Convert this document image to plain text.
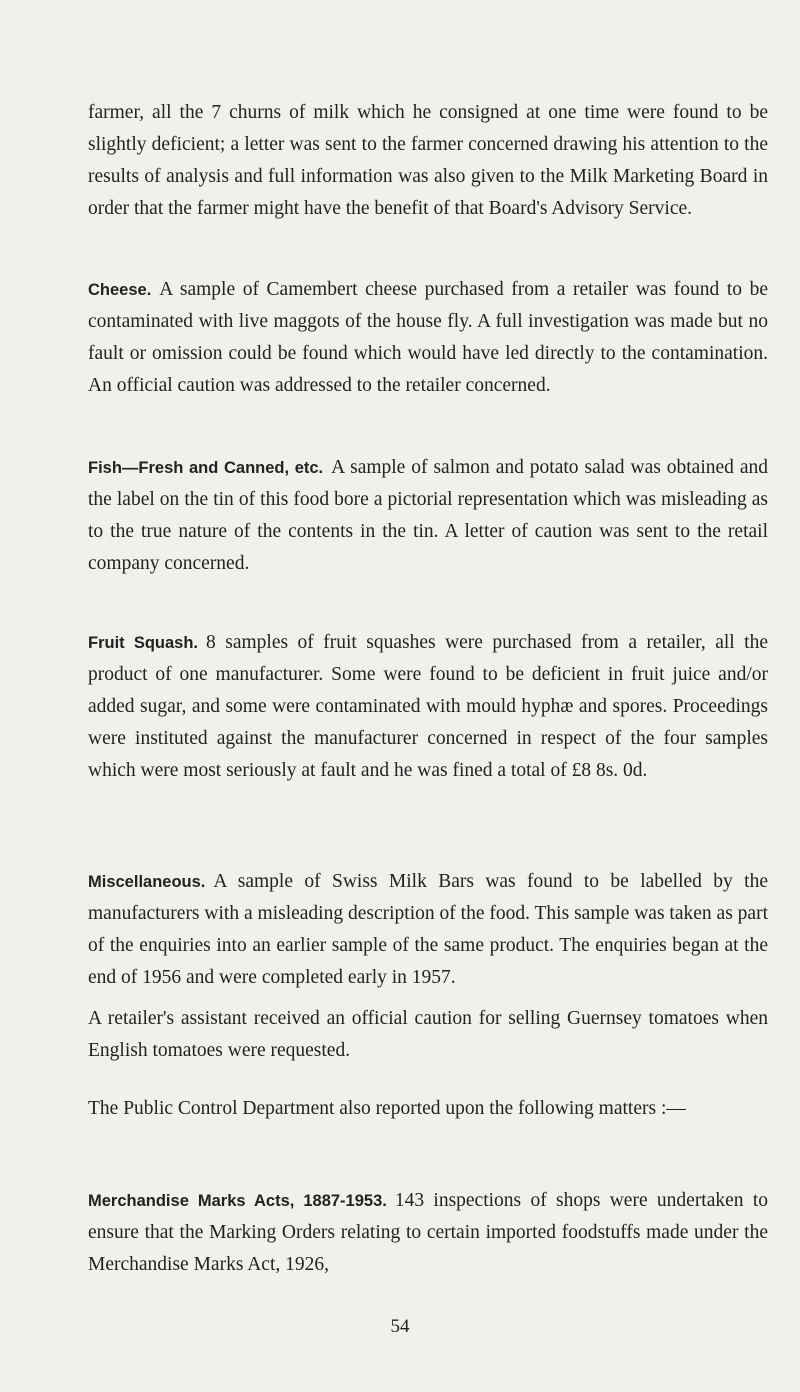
farmer, all the 7 churns of milk which he consigned at one time were found to be slightly deficient; a letter was sent to the farmer concerned drawing his attention to the results of analysis and full information was also given to the Milk Marketing Board in order that the farmer might have the benefit of that Board's Advisory Service.

Cheese. A sample of Camembert cheese purchased from a retailer was found to be contaminated with live maggots of the house fly. A full investigation was made but no fault or omission could be found which would have led directly to the contamination. An official caution was addressed to the retailer concerned.

Fish—Fresh and Canned, etc. A sample of salmon and potato salad was obtained and the label on the tin of this food bore a pictorial representation which was misleading as to the true nature of the contents in the tin. A letter of caution was sent to the retail company concerned.

Fruit Squash. 8 samples of fruit squashes were purchased from a retailer, all the product of one manufacturer. Some were found to be deficient in fruit juice and/or added sugar, and some were contaminated with mould hyphæ and spores. Proceedings were instituted against the manufacturer concerned in respect of the four samples which were most seriously at fault and he was fined a total of £8 8s. 0d.

Miscellaneous. A sample of Swiss Milk Bars was found to be labelled by the manufacturers with a misleading description of the food. This sample was taken as part of the enquiries into an earlier sample of the same product. The enquiries began at the end of 1956 and were completed early in 1957.

A retailer's assistant received an official caution for selling Guernsey tomatoes when English tomatoes were requested.

The Public Control Department also reported upon the following matters :—

Merchandise Marks Acts, 1887-1953. 143 inspections of shops were undertaken to ensure that the Marking Orders relating to certain imported foodstuffs made under the Merchandise Marks Act, 1926,

54
